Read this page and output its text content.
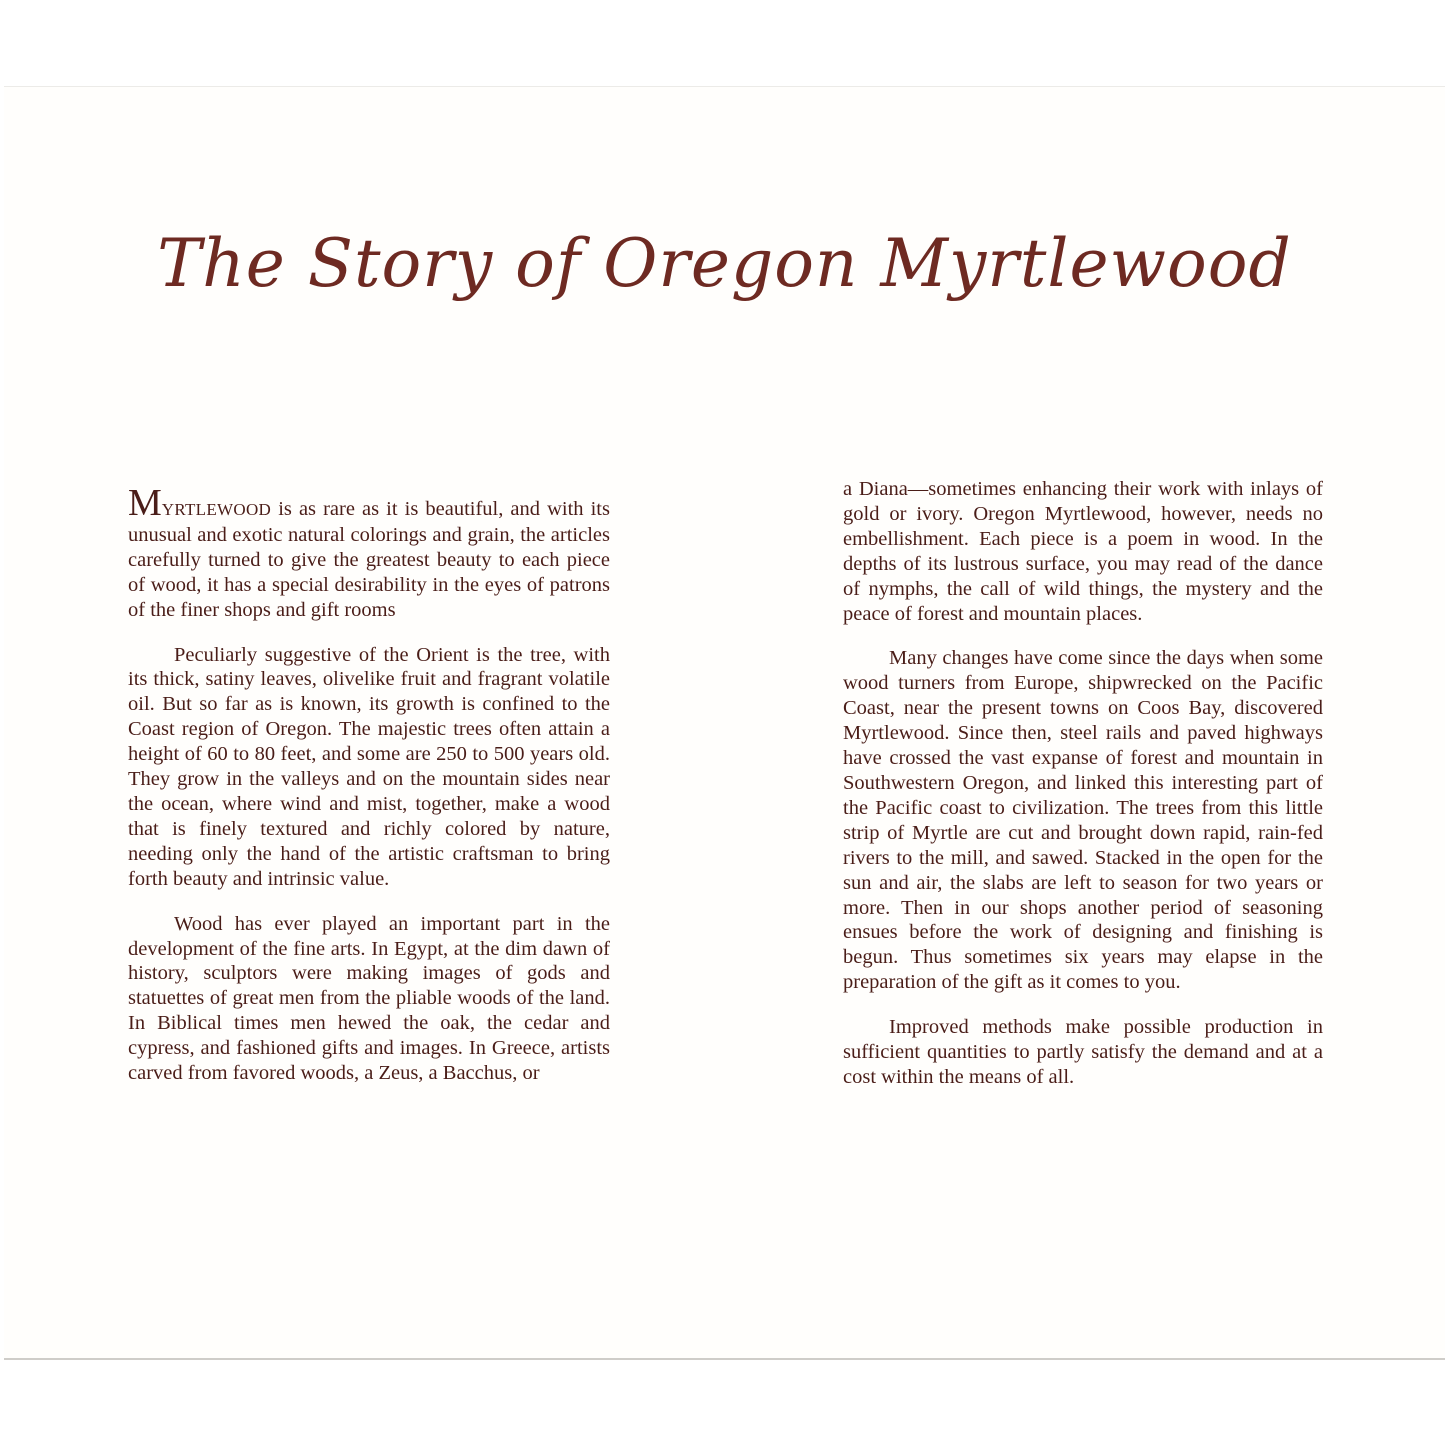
The Story of Oregon Myrtlewood

MYRTLEWOOD is as rare as it is beautiful, and with its unusual and exotic natural colorings and grain, the articles carefully turned to give the greatest beauty to each piece of wood, it has a special desirability in the eyes of patrons of the finer shops and gift rooms

Peculiarly suggestive of the Orient is the tree, with its thick, satiny leaves, olivelike fruit and fragrant volatile oil. But so far as is known, its growth is confined to the Coast region of Oregon. The majestic trees often attain a height of 60 to 80 feet, and some are 250 to 500 years old. They grow in the valleys and on the mountain sides near the ocean, where wind and mist, together, make a wood that is finely textured and richly colored by nature, needing only the hand of the artistic craftsman to bring forth beauty and intrinsic value.

Wood has ever played an important part in the development of the fine arts. In Egypt, at the dim dawn of history, sculptors were making images of gods and statuettes of great men from the pliable woods of the land. In Biblical times men hewed the oak, the cedar and cypress, and fashioned gifts and images. In Greece, artists carved from favored woods, a Zeus, a Bacchus, or

a Diana—sometimes enhancing their work with inlays of gold or ivory. Oregon Myrtlewood, however, needs no embellishment. Each piece is a poem in wood. In the depths of its lustrous surface, you may read of the dance of nymphs, the call of wild things, the mystery and the peace of forest and mountain places.

Many changes have come since the days when some wood turners from Europe, shipwrecked on the Pacific Coast, near the present towns on Coos Bay, discovered Myrtlewood. Since then, steel rails and paved highways have crossed the vast expanse of forest and mountain in Southwestern Oregon, and linked this interesting part of the Pacific coast to civilization. The trees from this little strip of Myrtle are cut and brought down rapid, rain-fed rivers to the mill, and sawed. Stacked in the open for the sun and air, the slabs are left to season for two years or more. Then in our shops another period of seasoning ensues before the work of designing and finishing is begun. Thus sometimes six years may elapse in the preparation of the gift as it comes to you.

Improved methods make possible production in sufficient quantities to partly satisfy the demand and at a cost within the means of all.
